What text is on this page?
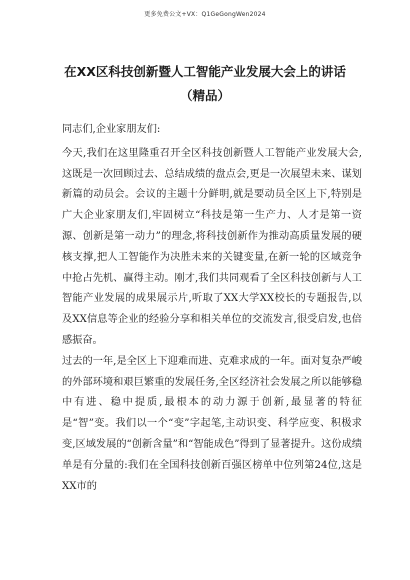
更多免费公文+VX：Q1GeGongWen2024
在XX区科技创新暨人工智能产业发展大会上的讲话
（精品）

同志们,企业家朋友们:

今天,我们在这里隆重召开全区科技创新暨人工智能产业发展大会,这既是一次回顾过去、总结成绩的盘点会,更是一次展望未来、谋划新篇的动员会。会议的主题十分鲜明,就是要动员全区上下,特别是广大企业家朋友们,牢固树立“科技是第一生产力、人才是第一资源、创新是第一动力”的理念,将科技创新作为推动高质量发展的硬核支撑,把人工智能作为决胜未来的关键变量,在新一轮的区域竞争中抢占先机、赢得主动。刚才,我们共同观看了全区科技创新与人工智能产业发展的成果展示片,听取了XX大学XX校长的专题报告,以及XX信息等企业的经验分享和相关单位的交流发言,很受启发,也倍感振奋。

过去的一年,是全区上下迎难而进、克难求成的一年。面对复杂严峻的外部环境和艰巨繁重的发展任务,全区经济社会发展之所以能够稳中有进、稳中提质,最根本的动力源于创新,最显著的特征是“智”变。我们以一个“变”字起笔,主动识变、科学应变、积极求变,区域发展的“创新含量”和“智能成色”得到了显著提升。这份成绩单是有分量的:我们在全国科技创新百强区榜单中位列第24位,这是XX市的
